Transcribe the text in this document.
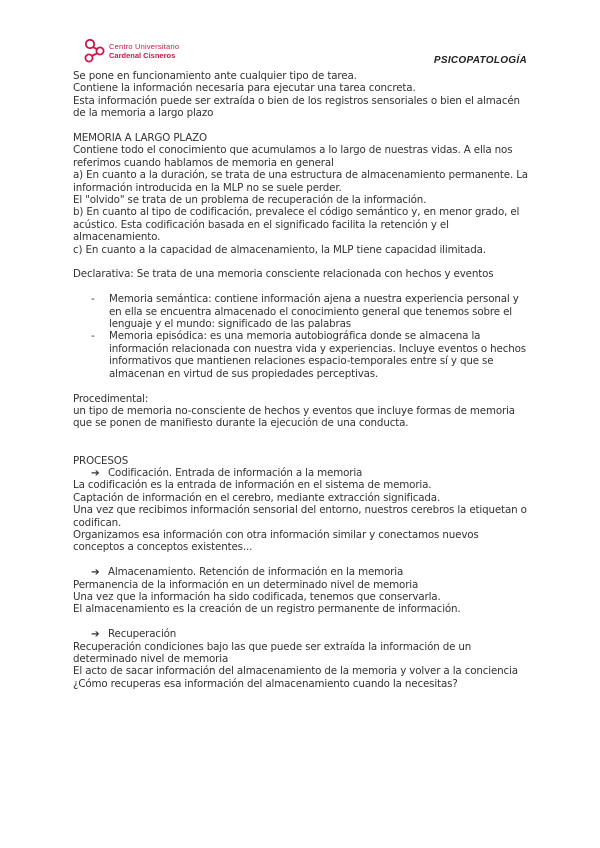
Centro Universitario
Cardenal Cisneros	PSICOPATOLOGÍA

Se pone en funcionamiento ante cualquier tipo de tarea.

Contiene la información necesaria para ejecutar una tarea concreta.

Esta información puede ser extraída o bien de los registros sensoriales o bien el almacén de la memoria a largo plazo

MEMORIA A LARGO PLAZO

Contiene todo el conocimiento que acumulamos a lo largo de nuestras vidas. A ella nos referimos cuando hablamos de memoria en general

a) En cuanto a la duración, se trata de una estructura de almacenamiento permanente. La información introducida en la MLP no se suele perder.

El "olvido" se trata de un problema de recuperación de la información.

b) En cuanto al tipo de codificación, prevalece el código semántico y, en menor grado, el acústico. Esta codificación basada en el significado facilita la retención y el almacenamiento.

c) En cuanto a la capacidad de almacenamiento, la MLP tiene capacidad ilimitada.

Declarativa: Se trata de una memoria consciente relacionada con hechos y eventos

- Memoria semántica: contiene información ajena a nuestra experiencia personal y en ella se encuentra almacenado el conocimiento general que tenemos sobre el lenguaje y el mundo: significado de las palabras
- Memoria episódica: es una memoria autobiográfica donde se almacena la información relacionada con nuestra vida y experiencias. Incluye eventos o hechos informativos que mantienen relaciones espacio-temporales entre sí y que se almacenan en virtud de sus propiedades perceptivas.

Procedimental:

un tipo de memoria no-consciente de hechos y eventos que incluye formas de memoria que se ponen de manifiesto durante la ejecución de una conducta.

PROCESOS

➔ Codificación. Entrada de información a la memoria

La codificación es la entrada de información en el sistema de memoria.

Captación de información en el cerebro, mediante extracción significada.

Una vez que recibimos información sensorial del entorno, nuestros cerebros la etiquetan o codifican.

Organizamos esa información con otra información similar y conectamos nuevos conceptos a conceptos existentes...

➔ Almacenamiento. Retención de información en la memoria

Permanencia de la información en un determinado nivel de memoria

Una vez que la información ha sido codificada, tenemos que conservarla.

El almacenamiento es la creación de un registro permanente de información.

➔ Recuperación

Recuperación condiciones bajo las que puede ser extraída la información de un determinado nivel de memoria

El acto de sacar información del almacenamiento de la memoria y volver a la conciencia

¿Cómo recuperas esa información del almacenamiento cuando la necesitas?
